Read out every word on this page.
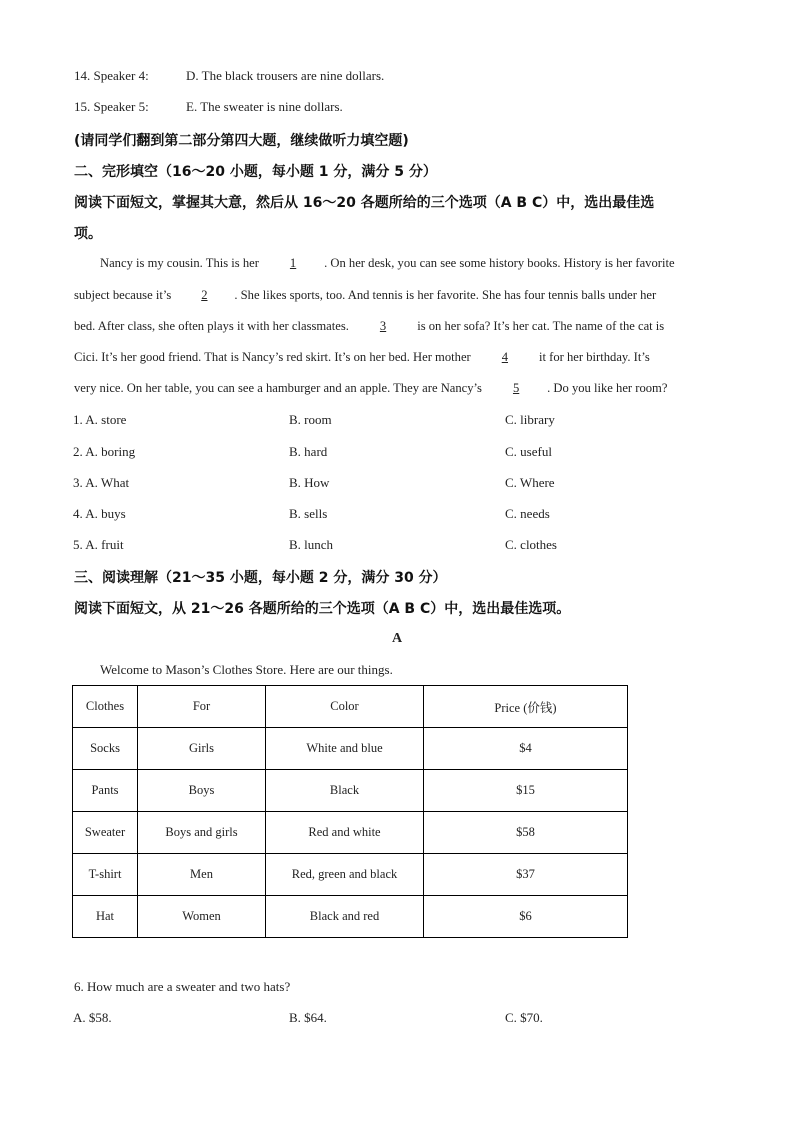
14. Speaker 4:	D. The black trousers are nine dollars.
15. Speaker 5:	E. The sweater is nine dollars.
(请同学们翻到第二部分第四大题，继续做听力填空题)
二、完形填空（16～20 小题，每小题 1 分，满分 5 分）
阅读下面短文，掌握其大意，然后从 16～20 各题所给的三个选项（A B C）中，选出最佳选
项。
Nancy is my cousin. This is her 1 . On her desk, you can see some history books. History is her favorite
subject because it’s 2 . She likes sports, too. And tennis is her favorite. She has four tennis balls under her
bed. After class, she often plays it with her classmates. 3 is on her sofa? It’s her cat. The name of the cat is
Cici. It’s her good friend. That is Nancy’s red skirt. It’s on her bed. Her mother 4 it for her birthday. It’s
very nice. On her table, you can see a hamburger and an apple. They are Nancy’s 5 . Do you like her room?
1. A. store	B. room	C. library
2. A. boring	B. hard	C. useful
3. A. What	B. How	C. Where
4. A. buys	B. sells	C. needs
5. A. fruit	B. lunch	C. clothes
三、阅读理解（21～35 小题，每小题 2 分，满分 30 分）
阅读下面短文，从 21～26 各题所给的三个选项（A B C）中，选出最佳选项。
A
Welcome to Mason’s Clothes Store. Here are our things.
Clothes	For	Color	Price (价钱)
Socks	Girls	White and blue	$4
Pants	Boys	Black	$15
Sweater	Boys and girls	Red and white	$58
T-shirt	Men	Red, green and black	$37
Hat	Women	Black and red	$6
6. How much are a sweater and two hats?
A. $58.	B. $64.	C. $70.
